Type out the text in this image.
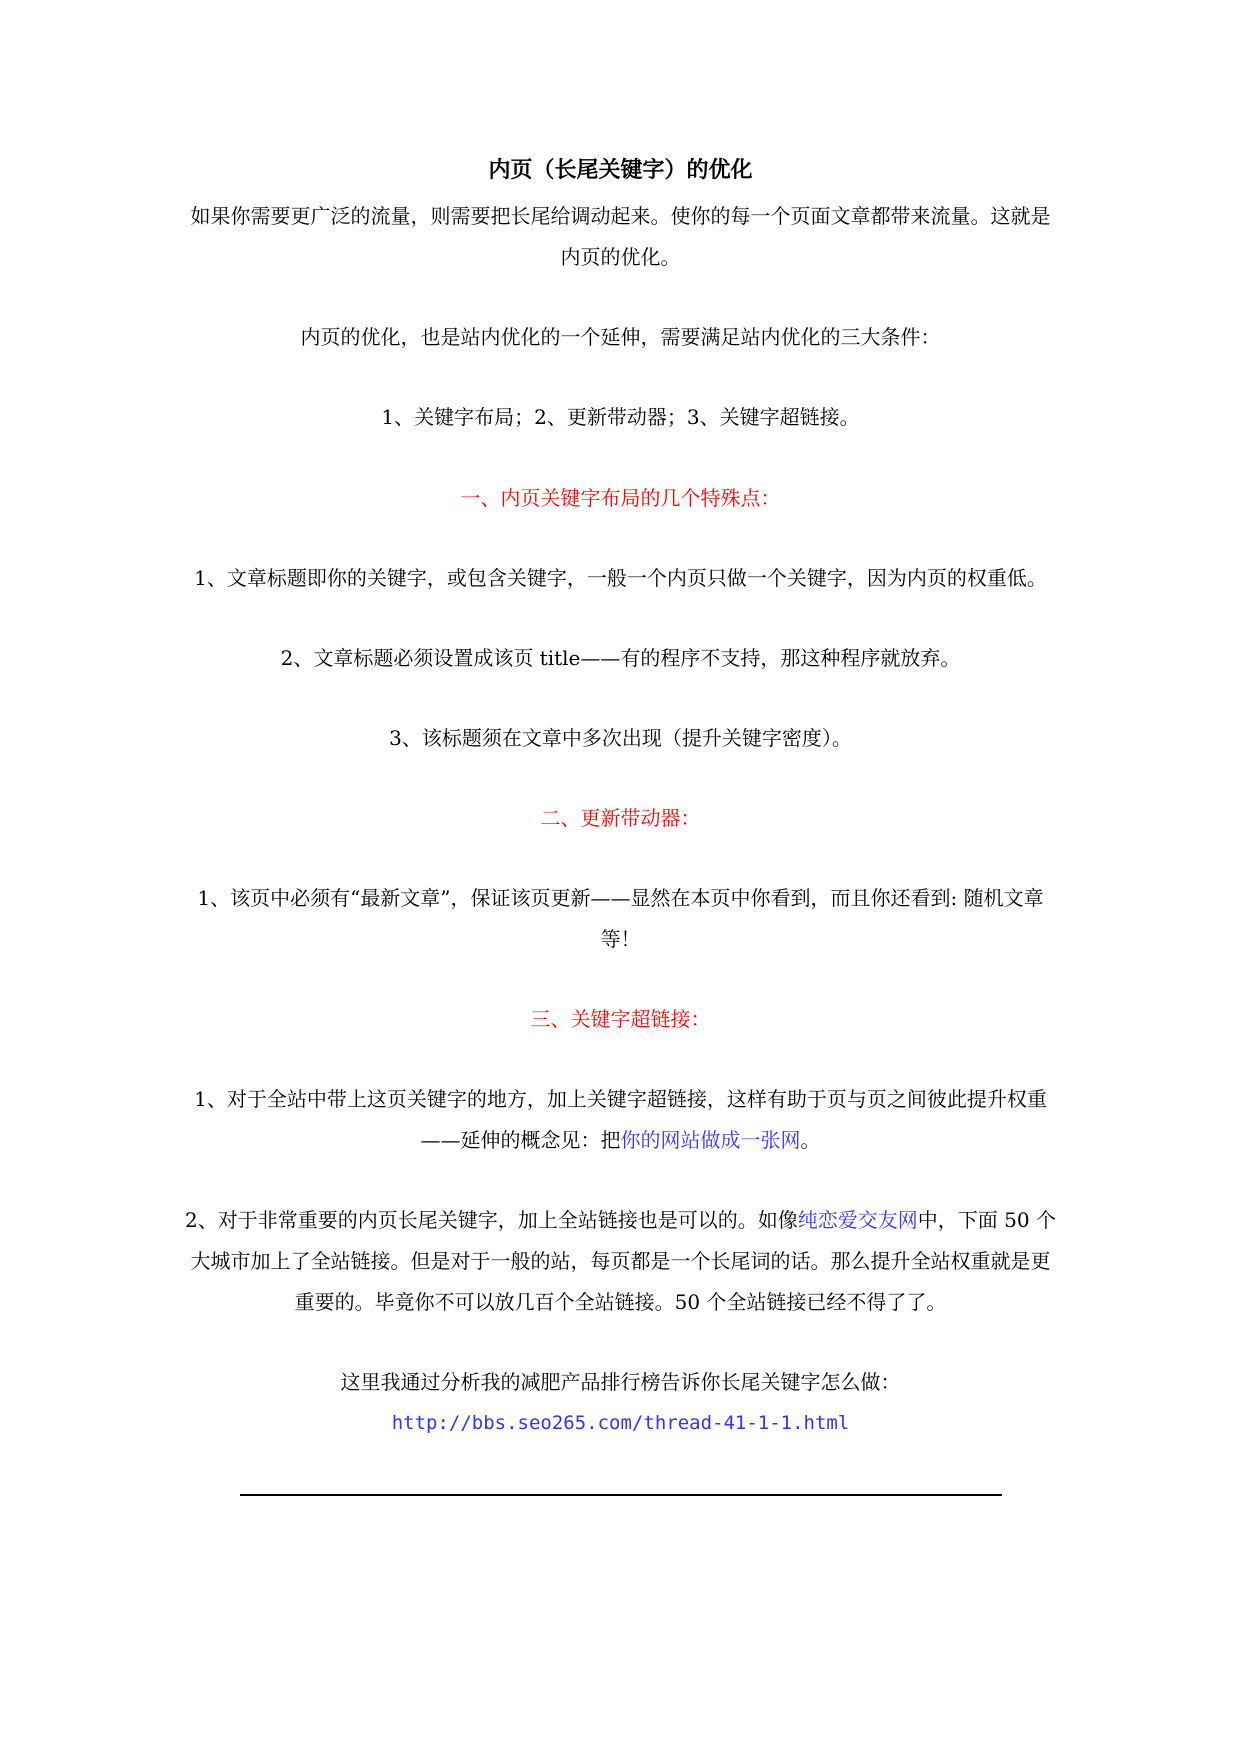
内页（长尾关键字）的优化
如果你需要更广泛的流量，则需要把长尾给调动起来。使你的每一个页面文章都带来流量。这就是
内页的优化。
内页的优化，也是站内优化的一个延伸，需要满足站内优化的三大条件：
1、关键字布局；2、更新带动器；3、关键字超链接。
一、内页关键字布局的几个特殊点：
1、文章标题即你的关键字，或包含关键字，一般一个内页只做一个关键字，因为内页的权重低。
2、文章标题必须设置成该页 title——有的程序不支持，那这种程序就放弃。
3、该标题须在文章中多次出现（提升关键字密度）。
二、更新带动器：
1、该页中必须有“最新文章”，保证该页更新——显然在本页中你看到，而且你还看到: 随机文章
等！
三、关键字超链接：
1、对于全站中带上这页关键字的地方，加上关键字超链接，这样有助于页与页之间彼此提升权重
——延伸的概念见：把你的网站做成一张网。
2、对于非常重要的内页长尾关键字，加上全站链接也是可以的。如像纯恋爱交友网中，下面 50 个
大城市加上了全站链接。但是对于一般的站，每页都是一个长尾词的话。那么提升全站权重就是更
重要的。毕竟你不可以放几百个全站链接。50 个全站链接已经不得了了。
这里我通过分析我的减肥产品排行榜告诉你长尾关键字怎么做：
http://bbs.seo265.com/thread-41-1-1.html
